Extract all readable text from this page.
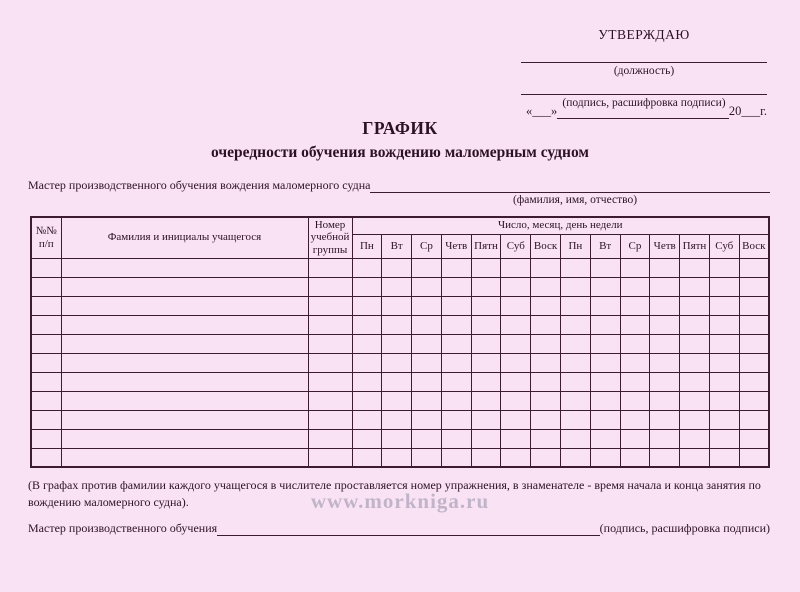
УТВЕРЖДАЮ
(должность)
(подпись, расшифровка подписи)
«___»	20___г.
ГРАФИК
очередности обучения вождению маломерным судном
Мастер производственного обучения вождения маломерного судна
(фамилия, имя, отчество)
№№ п/п	Фамилия и инициалы учащегося	Номер учебной группы	Число, месяц, день недели													
			Пн	Вт	Ср	Четв	Пятн	Суб	Воск	Пн	Вт	Ср	Четв	Пятн	Суб	Воск

(В графах против фамилии каждого учащегося в числителе проставляется номер упражнения, в знаменателе - время начала и конца занятия по вождению маломерного судна).	www.morkniga.ru
Мастер производственного обучения	(подпись, расшифровка подписи)
